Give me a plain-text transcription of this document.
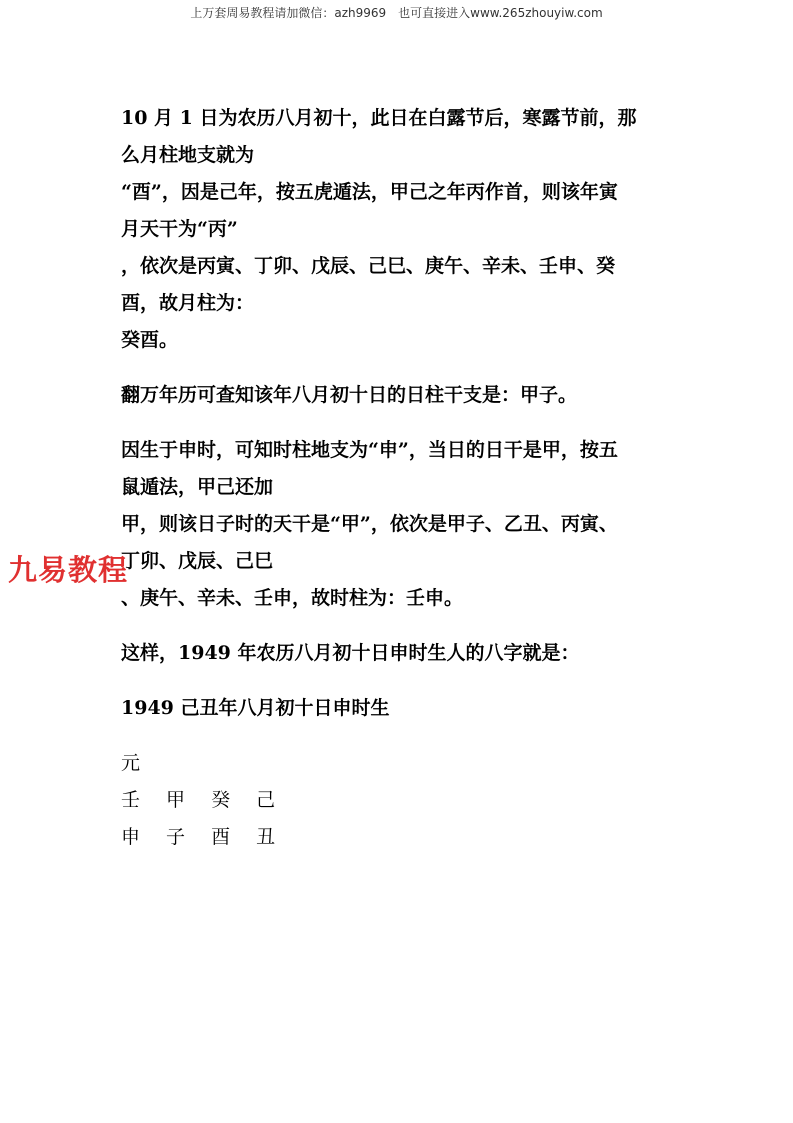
上万套周易教程请加微信：azh9969　也可直接进入www.265zhouyiw.com
10 月 1 日为农历八月初十，此日在白露节后，寒露节前，那
么月柱地支就为
“酉”，因是己年，按五虎遁法，甲己之年丙作首，则该年寅
月天干为“丙”
，依次是丙寅、丁卯、戊辰、己巳、庚午、辛未、壬申、癸
酉，故月柱为：
癸酉。
翻万年历可查知该年八月初十日的日柱干支是：甲子。
因生于申时，可知时柱地支为“申”，当日的日干是甲，按五
鼠遁法，甲己还加
甲，则该日子时的天干是“甲”，依次是甲子、乙丑、丙寅、
丁卯、戊辰、己巳
、庚午、辛未、壬申，故时柱为：壬申。
这样，1949 年农历八月初十日申时生人的八字就是：
1949 己丑年八月初十日申时生
元
壬 甲 癸 己
申 子 酉 丑
九易教程
